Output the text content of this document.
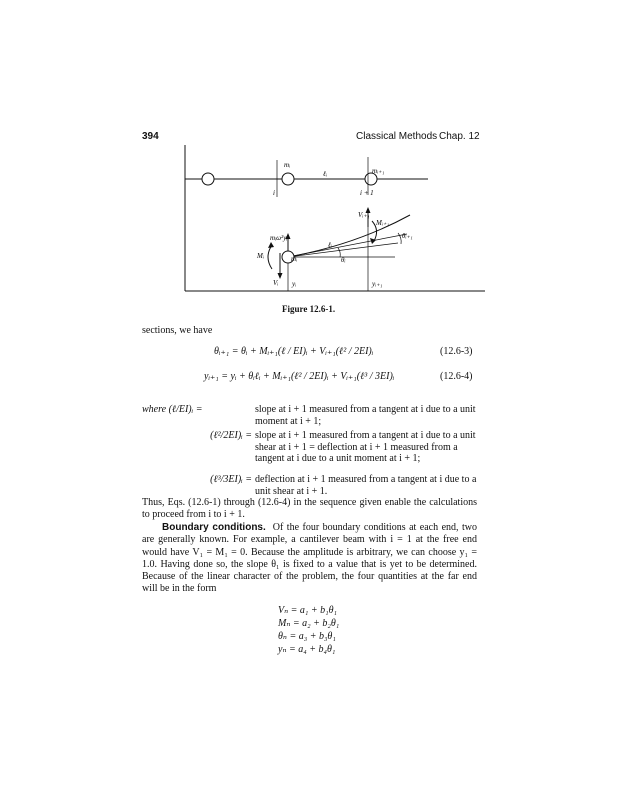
394	Classical Methods Chap. 12
mᵢ
mᵢ₊₁
ℓᵢ
i	i + 1
Vᵢ₊₁
Mᵢ₊₁
θᵢ₊₁
mᵢω²yᵢ
ℓᵢ
Mᵢ	mᵢ	θᵢ
Vᵢ yᵢ	yᵢ₊₁
Figure 12.6-1.
sections, we have
θᵢ₊₁ = θᵢ + Mᵢ₊₁(ℓ / EI)ᵢ + Vᵢ₊₁(ℓ² / 2EI)ᵢ	(12.6-3)
yᵢ₊₁ = yᵢ + θᵢℓᵢ + Mᵢ₊₁(ℓ² / 2EI)ᵢ + Vᵢ₊₁(ℓ³ / 3EI)ᵢ	(12.6-4)
where (ℓ/EI)ᵢ =	slope at i + 1 measured from a tangent at i due to a unit moment at i + 1;
(ℓ²/2EI)ᵢ = slope at i + 1 measured from a tangent at i due to a unit shear at i + 1 = deflection at i + 1 measured from a tangent at i due to a unit moment at i + 1;
(ℓ³/3EI)ᵢ = deflection at i + 1 measured from a tangent at i due to a unit shear at i + 1.
Thus, Eqs. (12.6-1) through (12.6-4) in the sequence given enable the calculations to proceed from i to i + 1.
Boundary conditions. Of the four boundary conditions at each end, two are generally known. For example, a cantilever beam with i = 1 at the free end would have V₁ = M₁ = 0. Because the amplitude is arbitrary, we can choose y₁ = 1.0. Having done so, the slope θ₁ is fixed to a value that is yet to be determined. Because of the linear character of the problem, the four quantities at the far end will be in the form
Vₙ = a₁ + b₁θ₁
Mₙ = a₂ + b₂θ₁
θₙ = a₃ + b₃θ₁
yₙ = a₄ + b₄θ₁
